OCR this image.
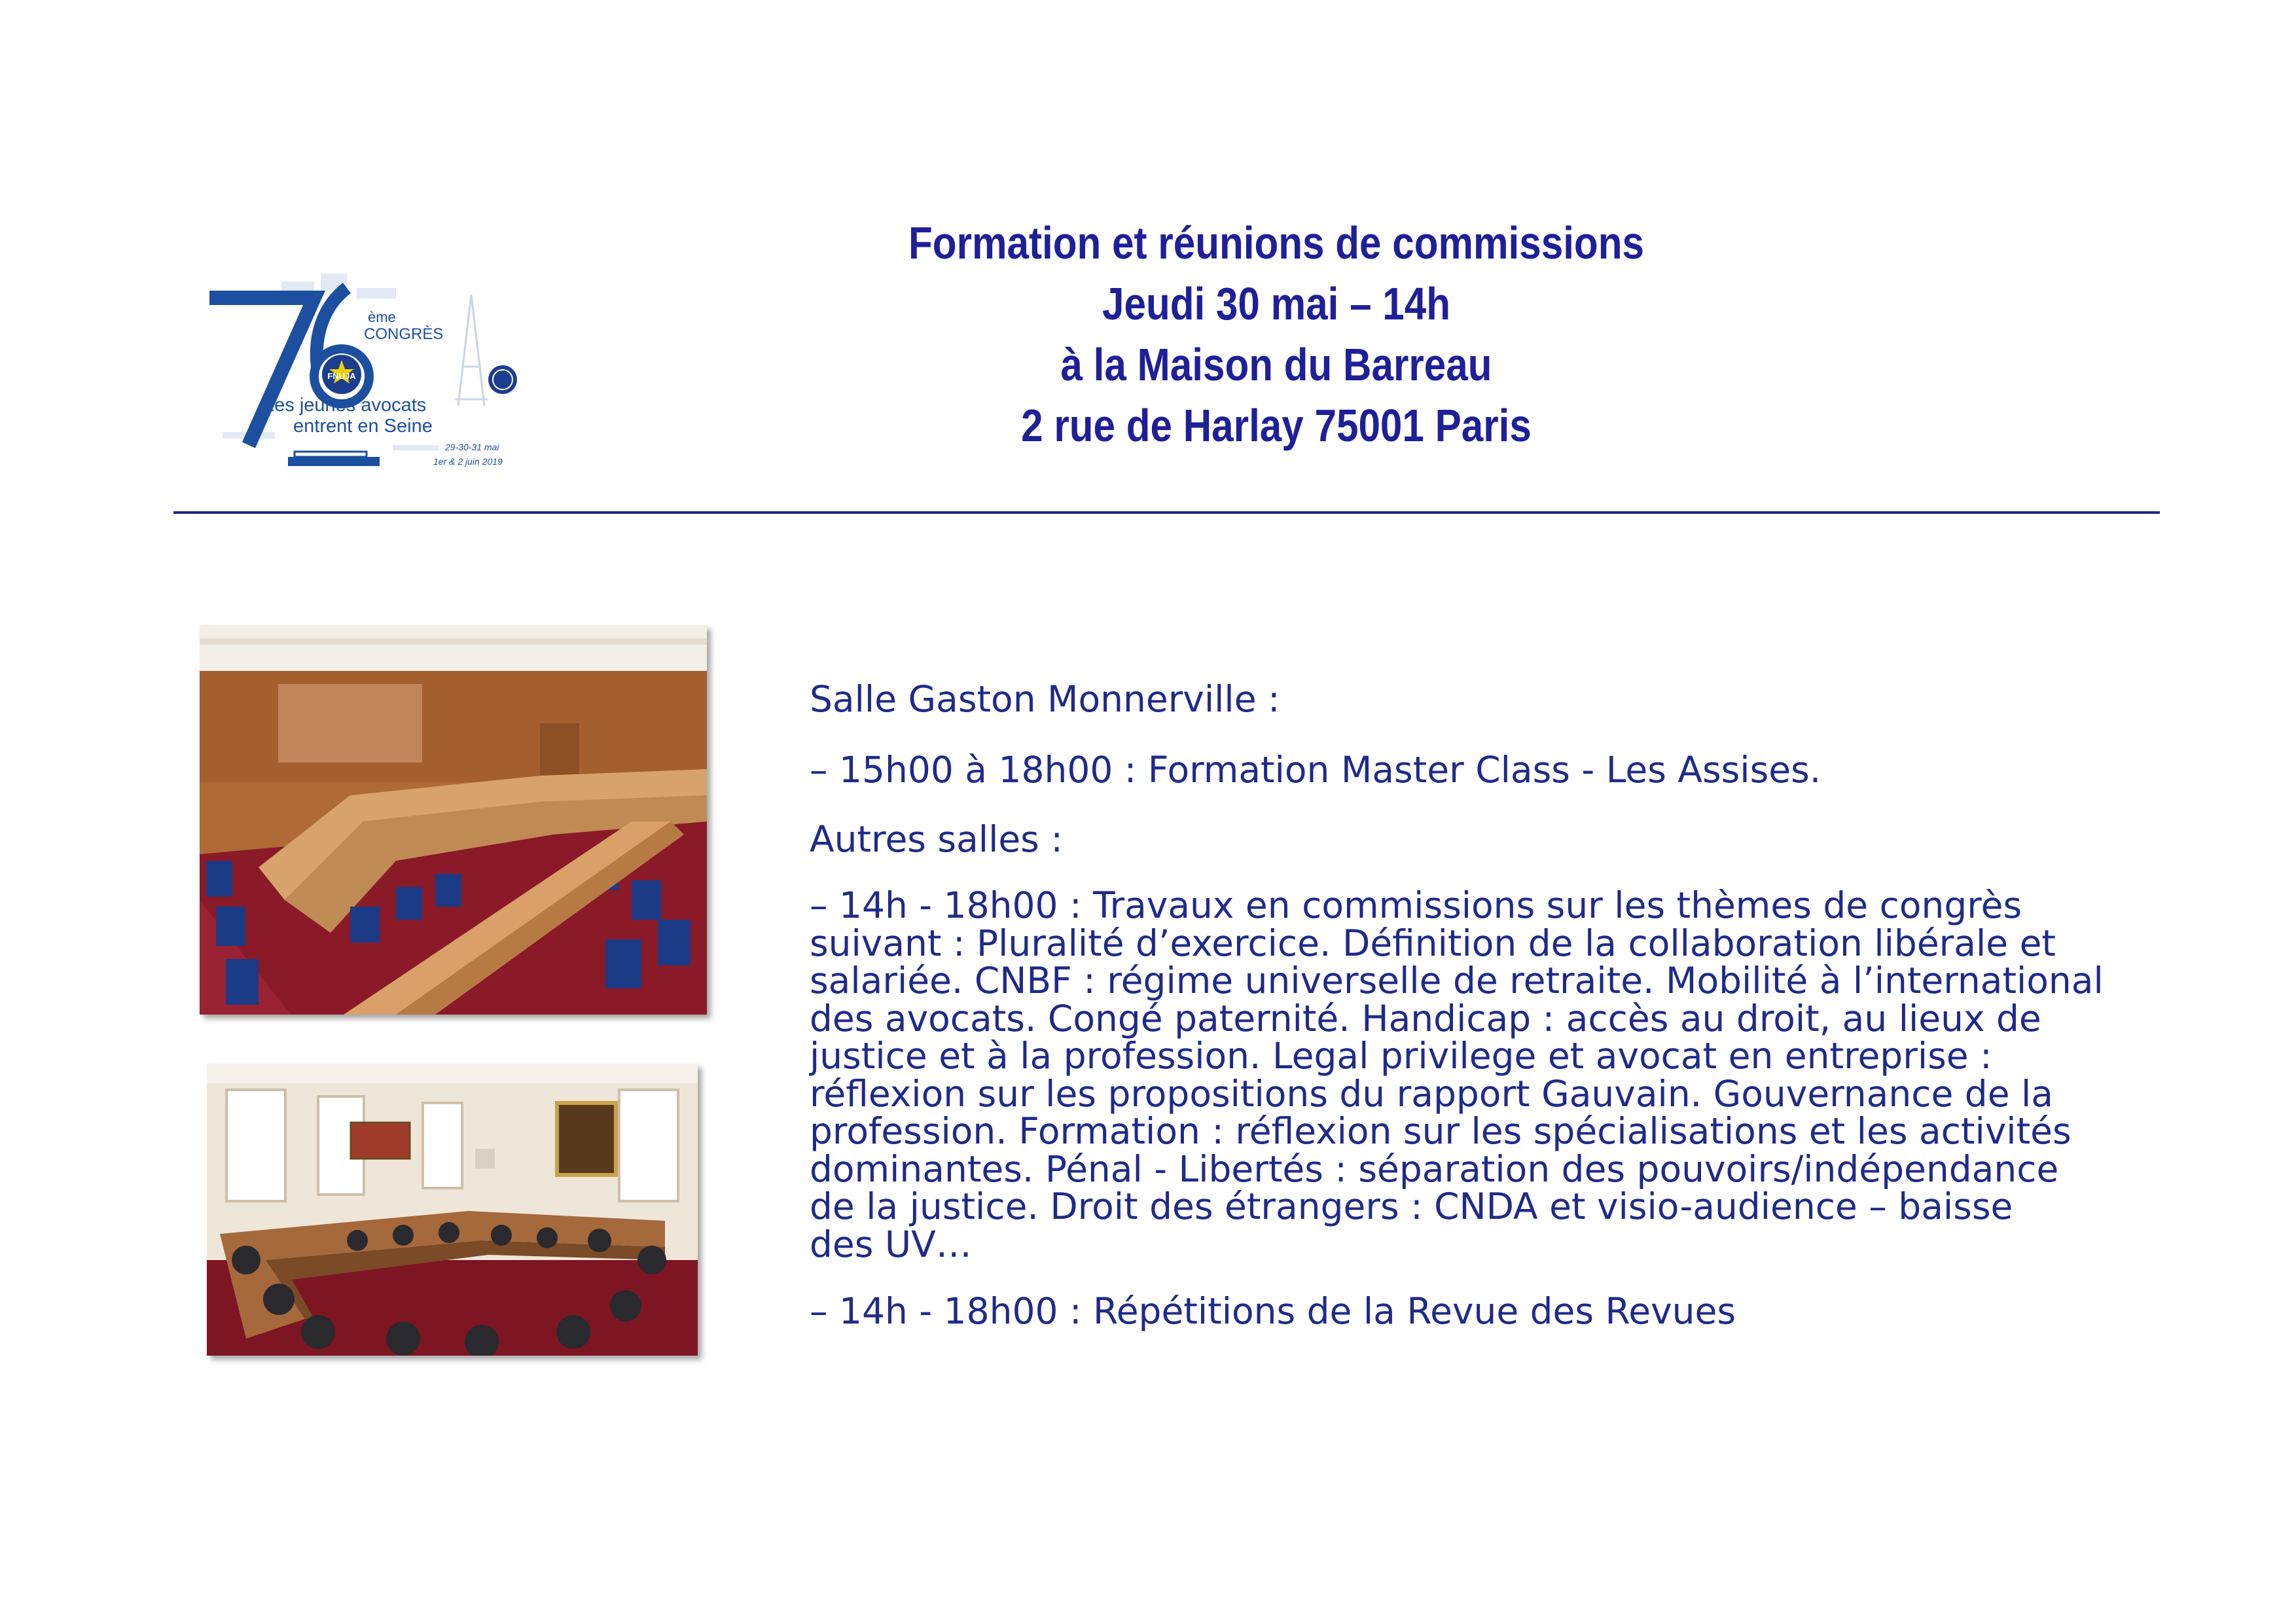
FNUJA
ème
CONGRÈS
Les jeunes avocats
entrent en Seine
29-30-31 mai
1er & 2 juin 2019
Formation et réunions de commissions
Jeudi 30 mai – 14h
à la Maison du Barreau
2 rue de Harlay 75001 Paris

Salle Gaston Monnerville :

– 15h00 à 18h00 : Formation Master Class - Les Assises.

Autres salles :

– 14h - 18h00 : Travaux en commissions sur les thèmes de congrès
suivant : Pluralité d’exercice. Définition de la collaboration libérale et
salariée. CNBF : régime universelle de retraite. Mobilité à l’international
des avocats. Congé paternité. Handicap : accès au droit, au lieux de
justice et à la profession. Legal privilege et avocat en entreprise :
réflexion sur les propositions du rapport Gauvain. Gouvernance de la
profession. Formation : réflexion sur les spécialisations et les activités
dominantes. Pénal - Libertés : séparation des pouvoirs/indépendance
de la justice. Droit des étrangers : CNDA et visio-audience – baisse
des UV…

– 14h - 18h00 : Répétitions de la Revue des Revues
